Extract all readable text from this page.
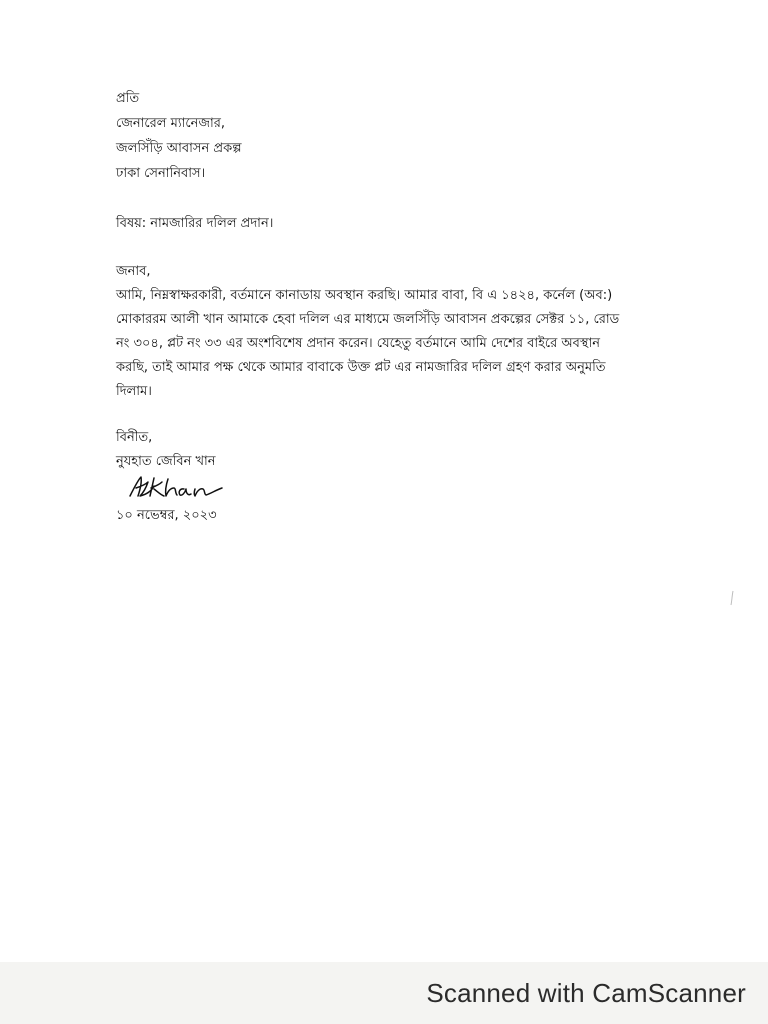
প্রতি
জেনারেল ম্যানেজার,
জলসিঁড়ি আবাসন প্রকল্প
ঢাকা সেনানিবাস।
বিষয়: নামজারির দলিল প্রদান।
জনাব,
আমি, নিম্নস্বাক্ষরকারী, বর্তমানে কানাডায় অবস্থান করছি। আমার বাবা, বি এ ১৪২৪, কর্নেল (অব:)
মোকাররম আলী খান আমাকে হেবা দলিল এর মাধ্যমে জলসিঁড়ি আবাসন প্রকল্পের সেক্টর ১১, রোড
নং ৩০৪, প্লট নং ৩৩ এর অংশবিশেষ প্রদান করেন। যেহেতু বর্তমানে আমি দেশের বাইরে অবস্থান
করছি, তাই আমার পক্ষ থেকে আমার বাবাকে উক্ত প্লট এর নামজারির দলিল গ্রহণ করার অনুমতি
দিলাম।
বিনীত,
নুযহাত জেবিন খান
১০ নভেম্বর, ২০২৩
Scanned with CamScanner
